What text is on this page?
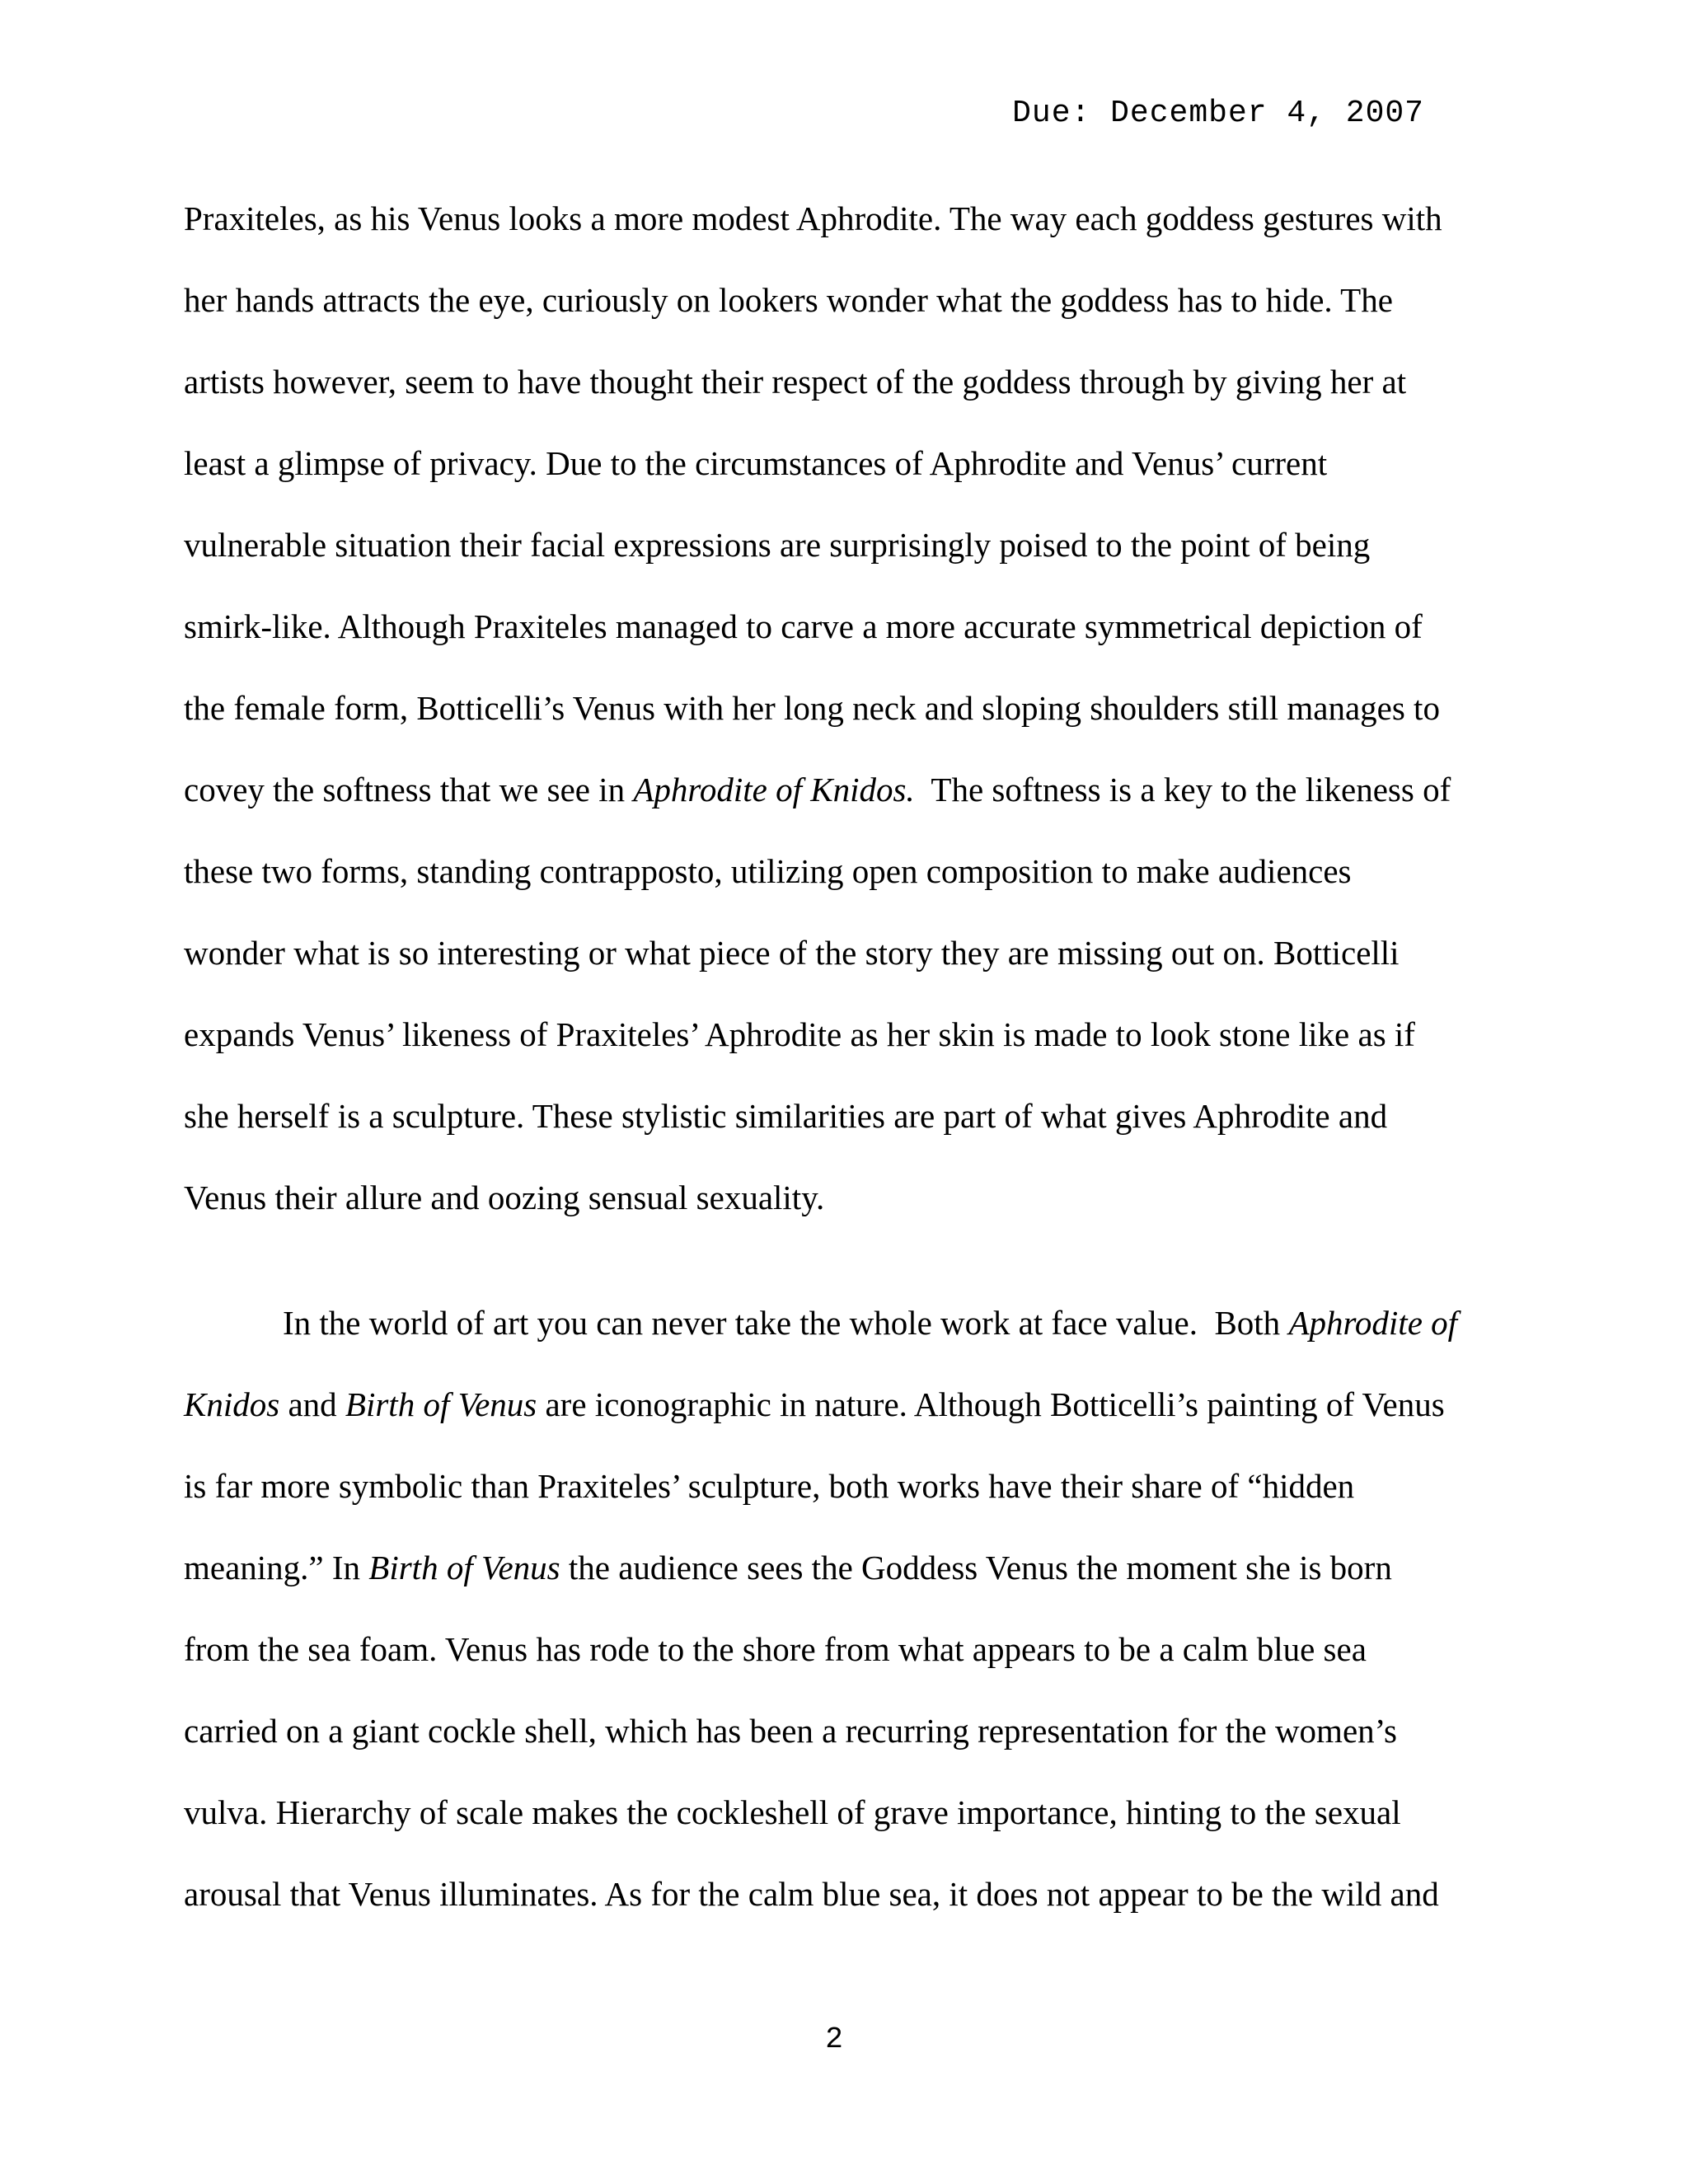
Due: December 4, 2007
Praxiteles, as his Venus looks a more modest Aphrodite. The way each goddess gestures with
her hands attracts the eye, curiously on lookers wonder what the goddess has to hide. The
artists however, seem to have thought their respect of the goddess through by giving her at
least a glimpse of privacy. Due to the circumstances of Aphrodite and Venus’ current
vulnerable situation their facial expressions are surprisingly poised to the point of being
smirk-like. Although Praxiteles managed to carve a more accurate symmetrical depiction of
the female form, Botticelli’s Venus with her long neck and sloping shoulders still manages to
covey the softness that we see in Aphrodite of Knidos.  The softness is a key to the likeness of
these two forms, standing contrapposto, utilizing open composition to make audiences
wonder what is so interesting or what piece of the story they are missing out on. Botticelli
expands Venus’ likeness of Praxiteles’ Aphrodite as her skin is made to look stone like as if
she herself is a sculpture. These stylistic similarities are part of what gives Aphrodite and
Venus their allure and oozing sensual sexuality.
In the world of art you can never take the whole work at face value.  Both Aphrodite of
Knidos and Birth of Venus are iconographic in nature. Although Botticelli’s painting of Venus
is far more symbolic than Praxiteles’ sculpture, both works have their share of “hidden
meaning.” In Birth of Venus the audience sees the Goddess Venus the moment she is born
from the sea foam. Venus has rode to the shore from what appears to be a calm blue sea
carried on a giant cockle shell, which has been a recurring representation for the women’s
vulva. Hierarchy of scale makes the cockleshell of grave importance, hinting to the sexual
arousal that Venus illuminates. As for the calm blue sea, it does not appear to be the wild and
2
